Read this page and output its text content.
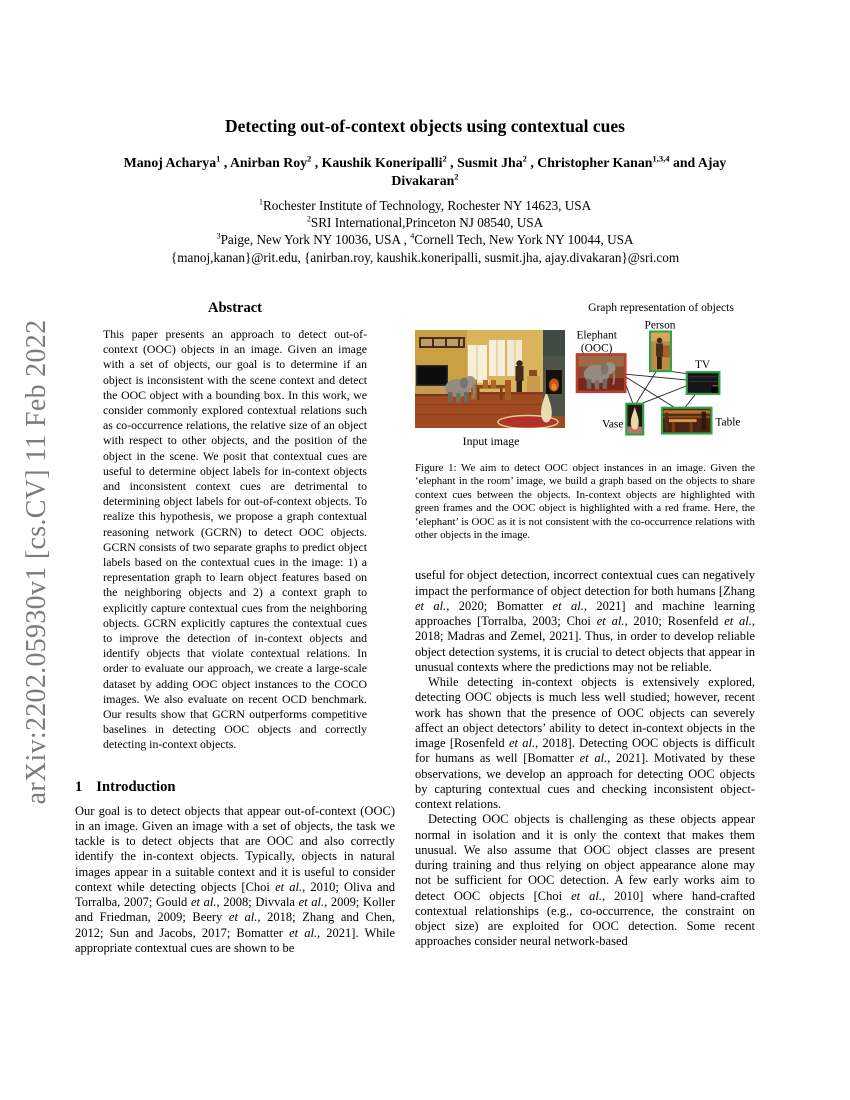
arXiv:2202.05930v1 [cs.CV] 11 Feb 2022
Detecting out-of-context objects using contextual cues
Manoj Acharya$^1$ , Anirban Roy$^2$ , Kaushik Koneripalli$^2$ , Susmit Jha$^2$ , Christopher Kanan$^{1,3,4}$ and Ajay Divakaran$^2$
$^1$Rochester Institute of Technology, Rochester NY 14623, USA
$^2$SRI International,Princeton NJ 08540, USA
$^3$Paige, New York NY 10036, USA , $^4$Cornell Tech, New York NY 10044, USA
{manoj,kanan}@rit.edu, {anirban.roy, kaushik.koneripalli, susmit.jha, ajay.divakaran}@sri.com
Abstract

This paper presents an approach to detect out-of-context (OOC) objects in an image. Given an image with a set of objects, our goal is to determine if an object is inconsistent with the scene context and detect the OOC object with a bounding box. In this work, we consider commonly explored contextual relations such as co-occurrence relations, the relative size of an object with respect to other objects, and the position of the object in the scene. We posit that contextual cues are useful to determine object labels for in-context objects and inconsistent context cues are detrimental to determining object labels for out-of-context objects. To realize this hypothesis, we propose a graph contextual reasoning network (GCRN) to detect OOC objects. GCRN consists of two separate graphs to predict object labels based on the contextual cues in the image: 1) a representation graph to learn object features based on the neighboring objects and 2) a context graph to explicitly capture contextual cues from the neighboring objects. GCRN explicitly captures the contextual cues to improve the detection of in-context objects and identify objects that violate contextual relations. In order to evaluate our approach, we create a large-scale dataset by adding OOC object instances to the COCO images. We also evaluate on recent OCD benchmark. Our results show that GCRN outperforms competitive baselines in detecting OOC objects and correctly detecting in-context objects.

1 Introduction

Our goal is to detect objects that appear out-of-context (OOC) in an image. Given an image with a set of objects, the task we tackle is to detect objects that are OOC and also correctly identify the in-context objects. Typically, objects in natural images appear in a suitable context and it is useful to consider context while detecting objects [Choi et al., 2010; Oliva and Torralba, 2007; Gould et al., 2008; Divvala et al., 2009; Koller and Friedman, 2009; Beery et al., 2018; Zhang and Chen, 2012; Sun and Jacobs, 2017; Bomatter et al., 2021]. While appropriate contextual cues are shown to be

Input image
Graph representation of objects
Elephant
(OOC)
Person
TV
Vase	Table

Figure 1: We aim to detect OOC object instances in an image. Given the ‘elephant in the room’ image, we build a graph based on the objects to share context cues between the objects. In-context objects are highlighted with green frames and the OOC object is highlighted with a red frame. Here, the ‘elephant’ is OOC as it is not consistent with the co-occurrence relations with other objects in the image.

useful for object detection, incorrect contextual cues can negatively impact the performance of object detection for both humans [Zhang et al., 2020; Bomatter et al., 2021] and machine learning approaches [Torralba, 2003; Choi et al., 2010; Rosenfeld et al., 2018; Madras and Zemel, 2021]. Thus, in order to develop reliable object detection systems, it is crucial to detect objects that appear in unusual contexts where the predictions may not be reliable.

While detecting in-context objects is extensively explored, detecting OOC objects is much less well studied; however, recent work has shown that the presence of OOC objects can severely affect an object detectors’ ability to detect in-context objects in the image [Rosenfeld et al., 2018]. Detecting OOC objects is difficult for humans as well [Bomatter et al., 2021]. Motivated by these observations, we develop an approach for detecting OOC objects by capturing contextual cues and checking inconsistent object-context relations.

Detecting OOC objects is challenging as these objects appear normal in isolation and it is only the context that makes them unusual. We also assume that OOC object classes are present during training and thus relying on object appearance alone may not be sufficient for OOC detection. A few early works aim to detect OOC objects [Choi et al., 2010] where hand-crafted contextual relationships (e.g., co-occurrence, the constraint on object size) are exploited for OOC detection. Some recent approaches consider neural network-based
